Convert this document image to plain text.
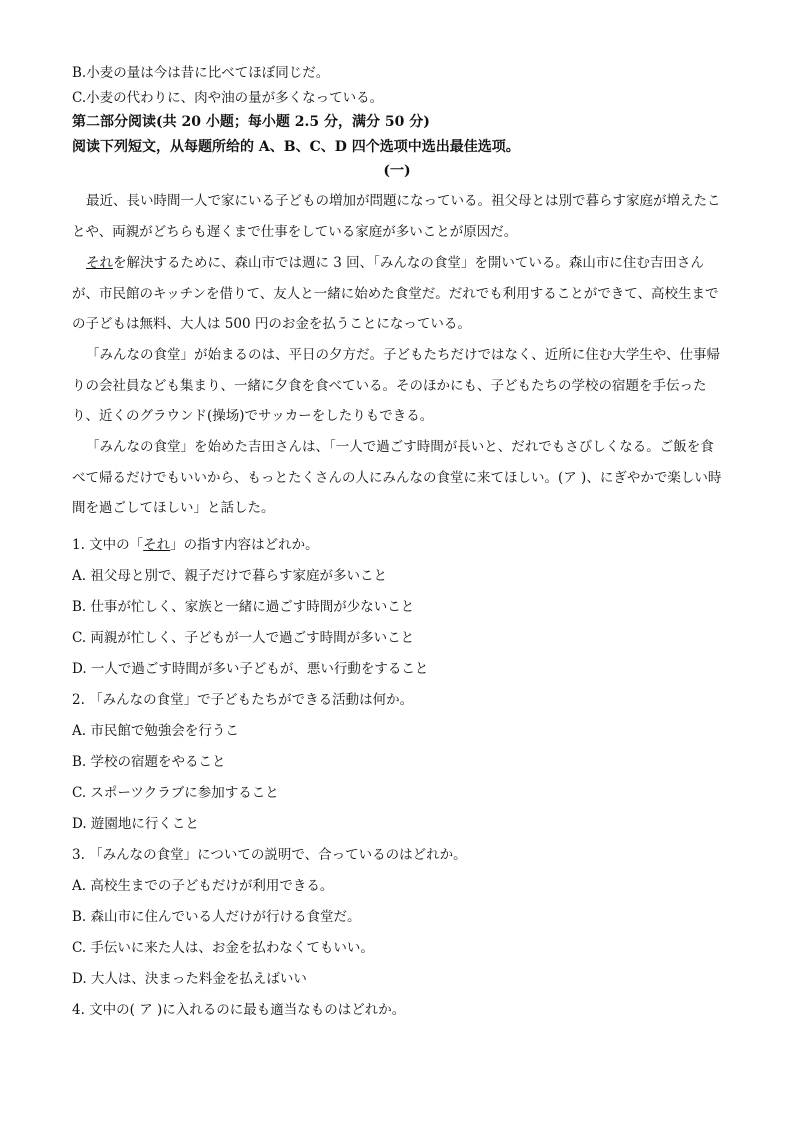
B.小麦の量は今は昔に比べてほぼ同じだ。
C.小麦の代わりに、肉や油の量が多くなっている。
第二部分阅读(共 20 小题；每小题 2.5 分，满分 50 分)
阅读下列短文，从每题所给的 A、B、C、D 四个选项中选出最佳选项。
(一)
最近、長い時間一人で家にいる子どもの増加が問題になっている。祖父母とは別で暮らす家庭が増えたことや、両親がどちらも遅くまで仕事をしている家庭が多いことが原因だ。
それを解決するために、森山市では週に 3 回、「みんなの食堂」を開いている。森山市に住む吉田さんが、市民館のキッチンを借りて、友人と一緒に始めた食堂だ。だれでも利用することができて、高校生までの子どもは無料、大人は 500 円のお金を払うことになっている。
「みんなの食堂」が始まるのは、平日の夕方だ。子どもたちだけではなく、近所に住む大学生や、仕事帰りの会社員なども集まり、一緒に夕食を食べている。そのほかにも、子どもたちの学校の宿題を手伝ったり、近くのグラウンド(操场)でサッカーをしたりもできる。
「みんなの食堂」を始めた吉田さんは、「一人で過ごす時間が長いと、だれでもさびしくなる。ご飯を食べて帰るだけでもいいから、もっとたくさんの人にみんなの食堂に来てほしい。(ア )、にぎやかで楽しい時間を過ごしてほしい」と話した。
1. 文中の「それ」の指す内容はどれか。
A. 祖父母と別で、親子だけで暮らす家庭が多いこと
B. 仕事が忙しく、家族と一緒に過ごす時間が少ないこと
C. 両親が忙しく、子どもが一人で過ごす時間が多いこと
D. 一人で過ごす時間が多い子どもが、悪い行動をすること
2. 「みんなの食堂」で子どもたちができる活動は何か。
A. 市民館で勉強会を行うこ
B. 学校の宿題をやること
C. スポーツクラブに参加すること
D. 遊園地に行くこと
3. 「みんなの食堂」についての説明で、合っているのはどれか。
A. 高校生までの子どもだけが利用できる。
B. 森山市に住んでいる人だけが行ける食堂だ。
C. 手伝いに来た人は、お金を払わなくてもいい。
D. 大人は、決まった料金を払えばいい
4. 文中の( ア )に入れるのに最も適当なものはどれか。
